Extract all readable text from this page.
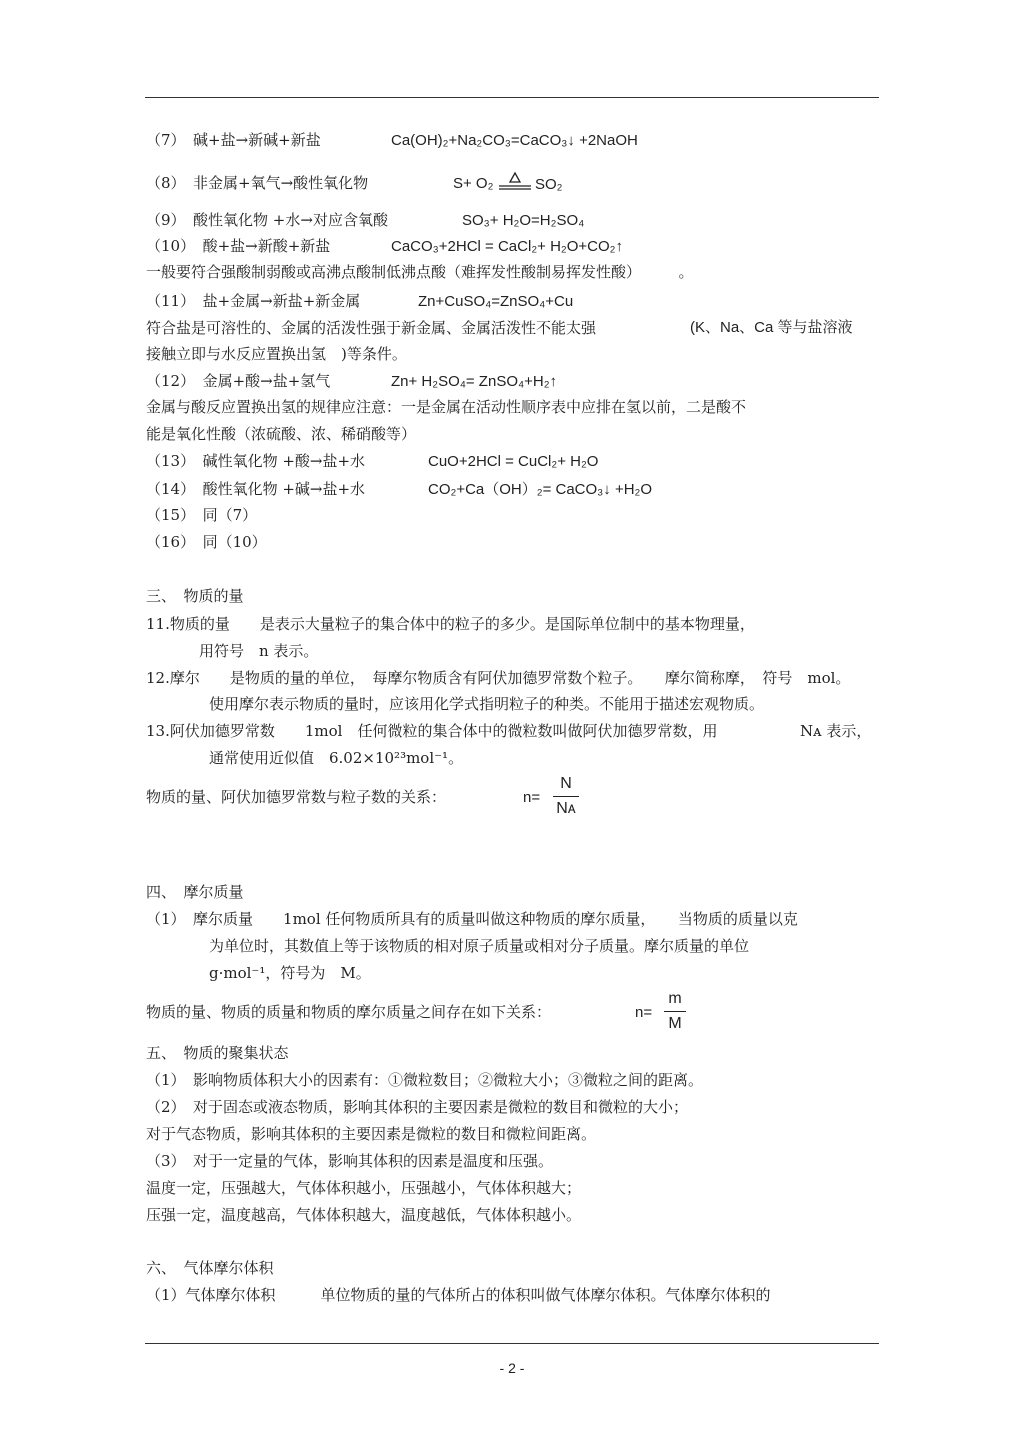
（7）　碱+盐→新碱+新盐	Ca(OH)₂+Na₂CO₃=CaCO₃↓ +2NaOH
（8）　非金属+氧气→酸性氧化物	S+ O₂	SO₂
（9）　酸性氧化物 +水→对应含氧酸	SO₃+ H₂O=H₂SO₄
（10）　酸+盐→新酸+新盐	CaCO₃+2HCl = CaCl₂+ H₂O+CO₂↑
一般要符合强酸制弱酸或高沸点酸制低沸点酸（难挥发性酸制易挥发性酸）　　　。
（11）　盐+金属→新盐+新金属	Zn+CuSO₄=ZnSO₄+Cu
符合盐是可溶性的、金属的活泼性强于新金属、金属活泼性不能太强	(K、Na、Ca 等与盐溶液
接触立即与水反应置换出氢　)等条件。
（12）　金属+酸→盐+氢气	Zn+ H₂SO₄= ZnSO₄+H₂↑
金属与酸反应置换出氢的规律应注意：一是金属在活动性顺序表中应排在氢以前，二是酸不
能是氧化性酸（浓硫酸、浓、稀硝酸等）
（13）　碱性氧化物 +酸→盐+水	CuO+2HCl = CuCl₂+ H₂O
（14）　酸性氧化物 +碱→盐+水	CO₂+Ca（OH）₂= CaCO₃↓ +H₂O
（15）　同（7）
（16）　同（10）
三、　物质的量
11.物质的量　　是表示大量粒子的集合体中的粒子的多少。是国际单位制中的基本物理量，
用符号　n 表示。
12.摩尔　　是物质的量的单位，　每摩尔物质含有阿伏加德罗常数个粒子。　　摩尔简称摩，　符号　mol。
使用摩尔表示物质的量时，应该用化学式指明粒子的种类。不能用于描述宏观物质。
13.阿伏加德罗常数　　1mol　任何微粒的集合体中的微粒数叫做阿伏加德罗常数，用	Nᴀ 表示，
通常使用近似值　6.02×10²³mol⁻¹。
物质的量、阿伏加德罗常数与粒子数的关系：	n=
N
Nᴀ
四、　摩尔质量
（1）　摩尔质量　　1mol 任何物质所具有的质量叫做这种物质的摩尔质量，　　当物质的质量以克
为单位时，其数值上等于该物质的相对原子质量或相对分子质量。摩尔质量的单位
g·mol⁻¹，符号为　M。
物质的量、物质的质量和物质的摩尔质量之间存在如下关系：	n=
m
M
五、　物质的聚集状态
（1）　影响物质体积大小的因素有：①微粒数目；②微粒大小；③微粒之间的距离。
（2）　对于固态或液态物质，影响其体积的主要因素是微粒的数目和微粒的大小；
对于气态物质，影响其体积的主要因素是微粒的数目和微粒间距离。
（3）　对于一定量的气体，影响其体积的因素是温度和压强。
温度一定，压强越大，气体体积越小，压强越小，气体体积越大；
压强一定，温度越高，气体体积越大，温度越低，气体体积越小。
六、　气体摩尔体积
（1）气体摩尔体积　　　单位物质的量的气体所占的体积叫做气体摩尔体积。气体摩尔体积的
- 2 -
